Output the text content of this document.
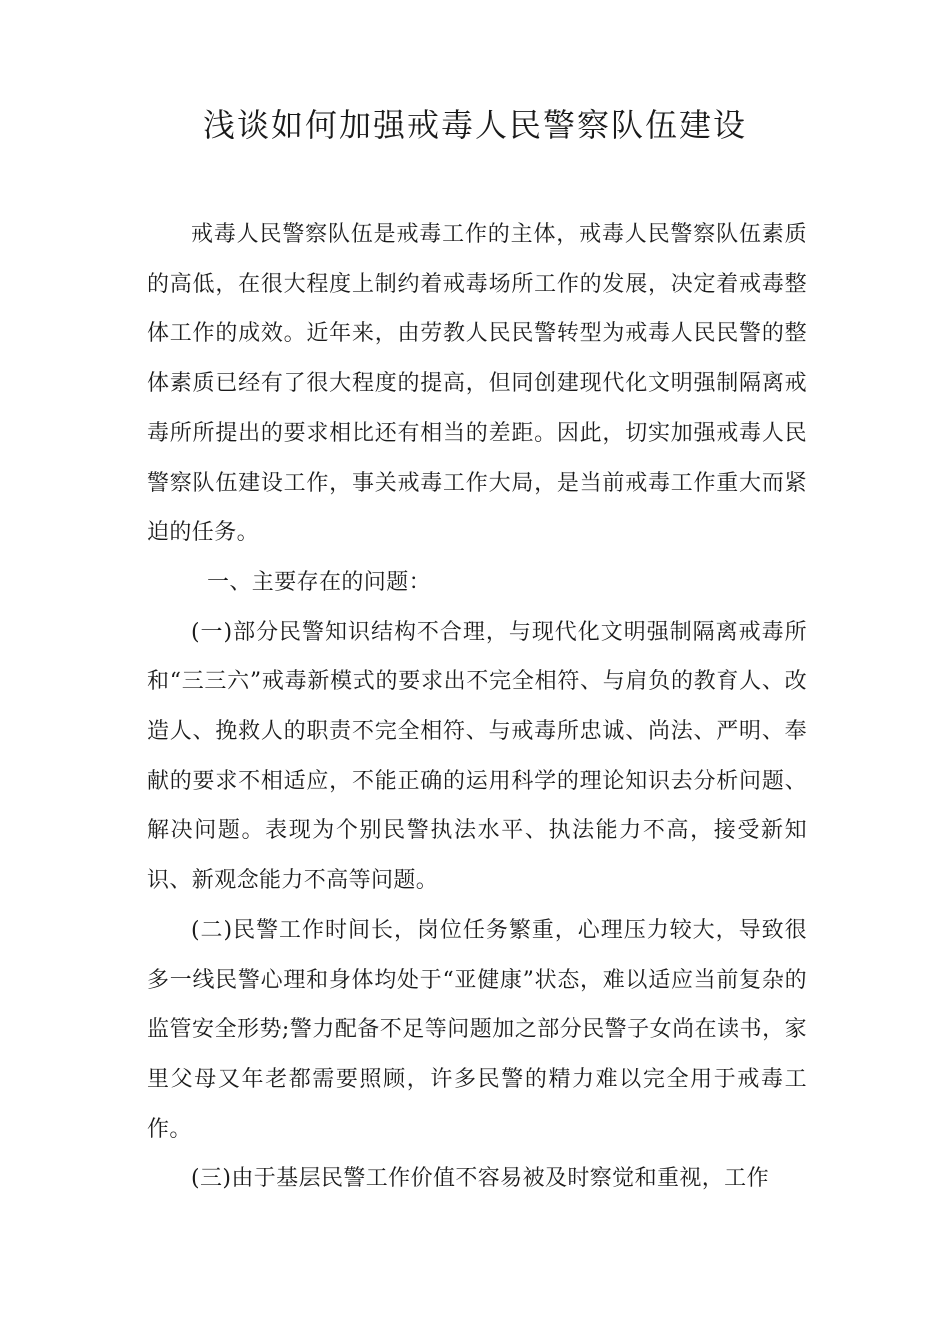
浅谈如何加强戒毒人民警察队伍建设

戒毒人民警察队伍是戒毒工作的主体，戒毒人民警察队伍素质的高低，在很大程度上制约着戒毒场所工作的发展，决定着戒毒整体工作的成效。近年来，由劳教人民民警转型为戒毒人民民警的整体素质已经有了很大程度的提高，但同创建现代化文明强制隔离戒毒所所提出的要求相比还有相当的差距。因此，切实加强戒毒人民警察队伍建设工作，事关戒毒工作大局，是当前戒毒工作重大而紧迫的任务。

一、主要存在的问题：

(一)部分民警知识结构不合理，与现代化文明强制隔离戒毒所和“三三六”戒毒新模式的要求出不完全相符、与肩负的教育人、改造人、挽救人的职责不完全相符、与戒毒所忠诚、尚法、严明、奉献的要求不相适应，不能正确的运用科学的理论知识去分析问题、解决问题。表现为个别民警执法水平、执法能力不高，接受新知识、新观念能力不高等问题。

(二)民警工作时间长，岗位任务繁重，心理压力较大，导致很多一线民警心理和身体均处于“亚健康”状态，难以适应当前复杂的监管安全形势;警力配备不足等问题加之部分民警子女尚在读书，家里父母又年老都需要照顾，许多民警的精力难以完全用于戒毒工作。

(三)由于基层民警工作价值不容易被及时察觉和重视，工作
